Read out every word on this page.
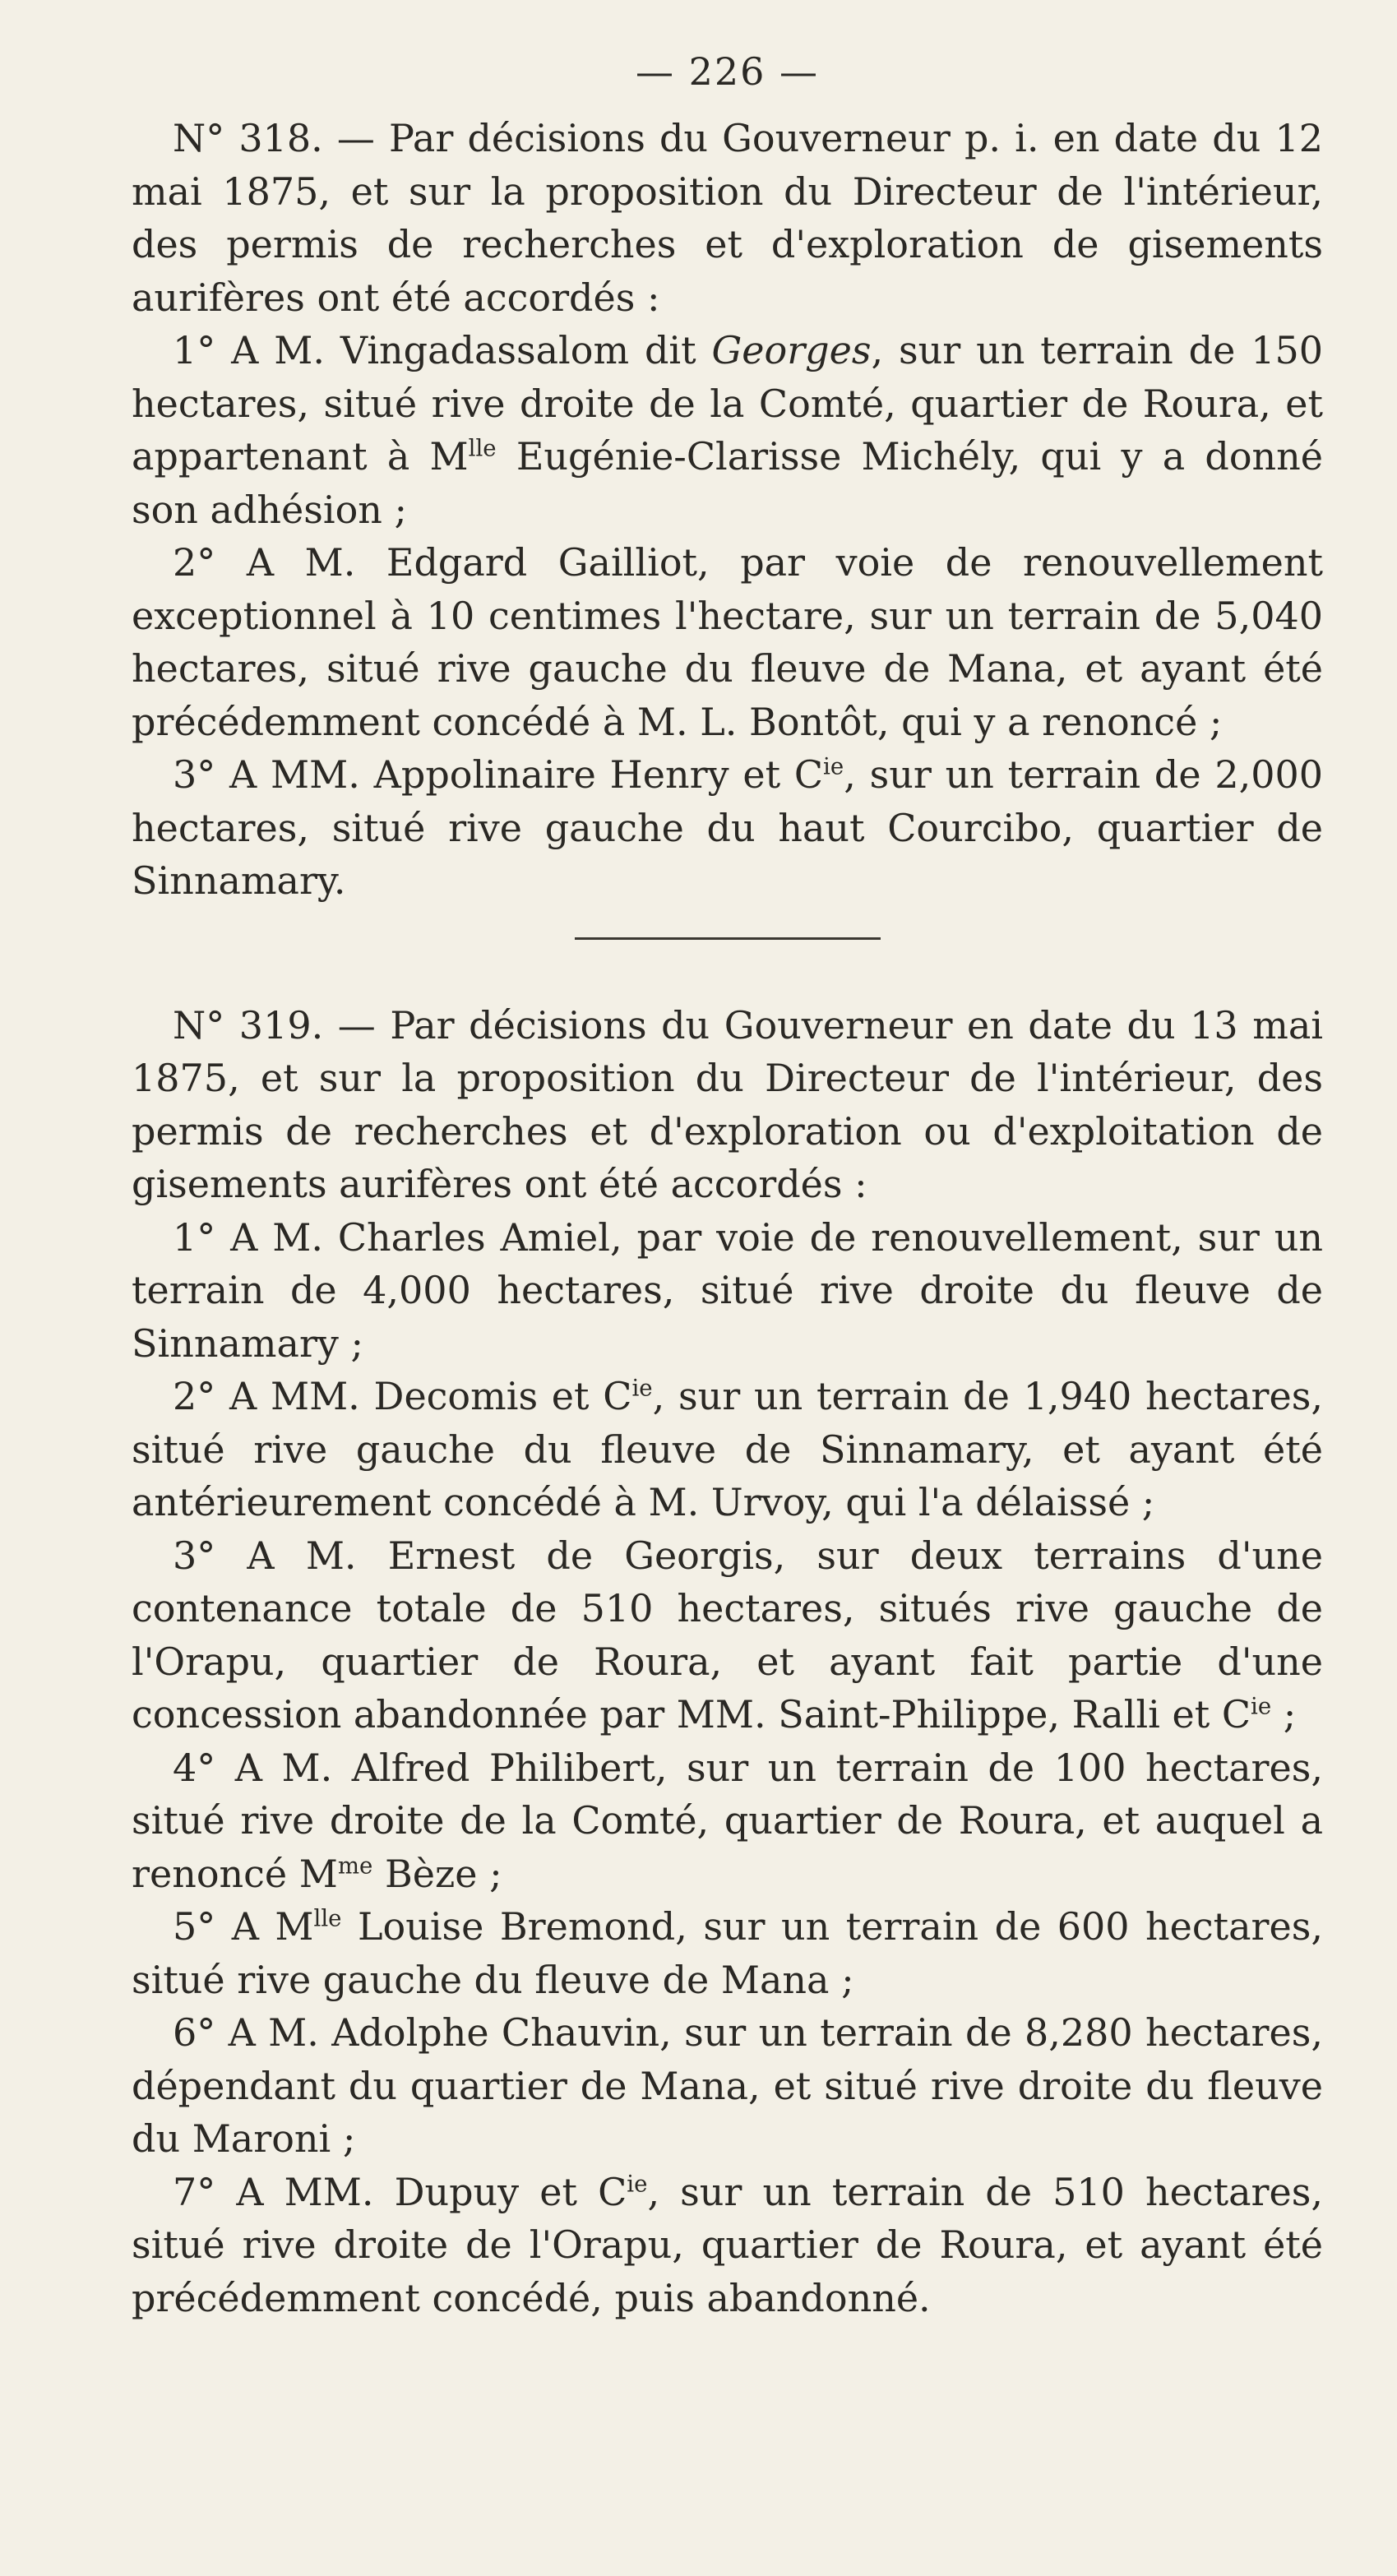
— 226 —

N° 318. — Par décisions du Gouverneur p. i. en date du 12 mai 1875, et sur la proposition du Directeur de l'intérieur, des permis de recherches et d'exploration de gisements aurifères ont été accordés :

1° A M. Vingadassalom dit Georges, sur un terrain de 150 hectares, situé rive droite de la Comté, quartier de Roura, et appartenant à $M^{lle}$ Eugénie-Clarisse Michély, qui y a donné son adhésion ;

2° A M. Edgard Gailliot, par voie de renouvellement exceptionnel à 10 centimes l'hectare, sur un terrain de 5,040 hectares, situé rive gauche du fleuve de Mana, et ayant été précédemment concédé à M. L. Bontôt, qui y a renoncé ;

3° A MM. Appolinaire Henry et $C^{ie}$, sur un terrain de 2,000 hectares, situé rive gauche du haut Courcibo, quartier de Sinnamary.

N° 319. — Par décisions du Gouverneur en date du 13 mai 1875, et sur la proposition du Directeur de l'intérieur, des permis de recherches et d'exploration ou d'exploitation de gisements aurifères ont été accordés :

1° A M. Charles Amiel, par voie de renouvellement, sur un terrain de 4,000 hectares, situé rive droite du fleuve de Sinnamary ;

2° A MM. Decomis et $C^{ie}$, sur un terrain de 1,940 hectares, situé rive gauche du fleuve de Sinnamary, et ayant été antérieurement concédé à M. Urvoy, qui l'a délaissé ;

3° A M. Ernest de Georgis, sur deux terrains d'une contenance totale de 510 hectares, situés rive gauche de l'Orapu, quartier de Roura, et ayant fait partie d'une concession abandonnée par MM. Saint-Philippe, Ralli et $C^{ie}$ ;

4° A M. Alfred Philibert, sur un terrain de 100 hectares, situé rive droite de la Comté, quartier de Roura, et auquel a renoncé $M^{me}$ Bèze ;

5° A $M^{lle}$ Louise Bremond, sur un terrain de 600 hectares, situé rive gauche du fleuve de Mana ;

6° A M. Adolphe Chauvin, sur un terrain de 8,280 hectares, dépendant du quartier de Mana, et situé rive droite du fleuve du Maroni ;

7° A MM. Dupuy et $C^{ie}$, sur un terrain de 510 hectares, situé rive droite de l'Orapu, quartier de Roura, et ayant été précédemment concédé, puis abandonné.
